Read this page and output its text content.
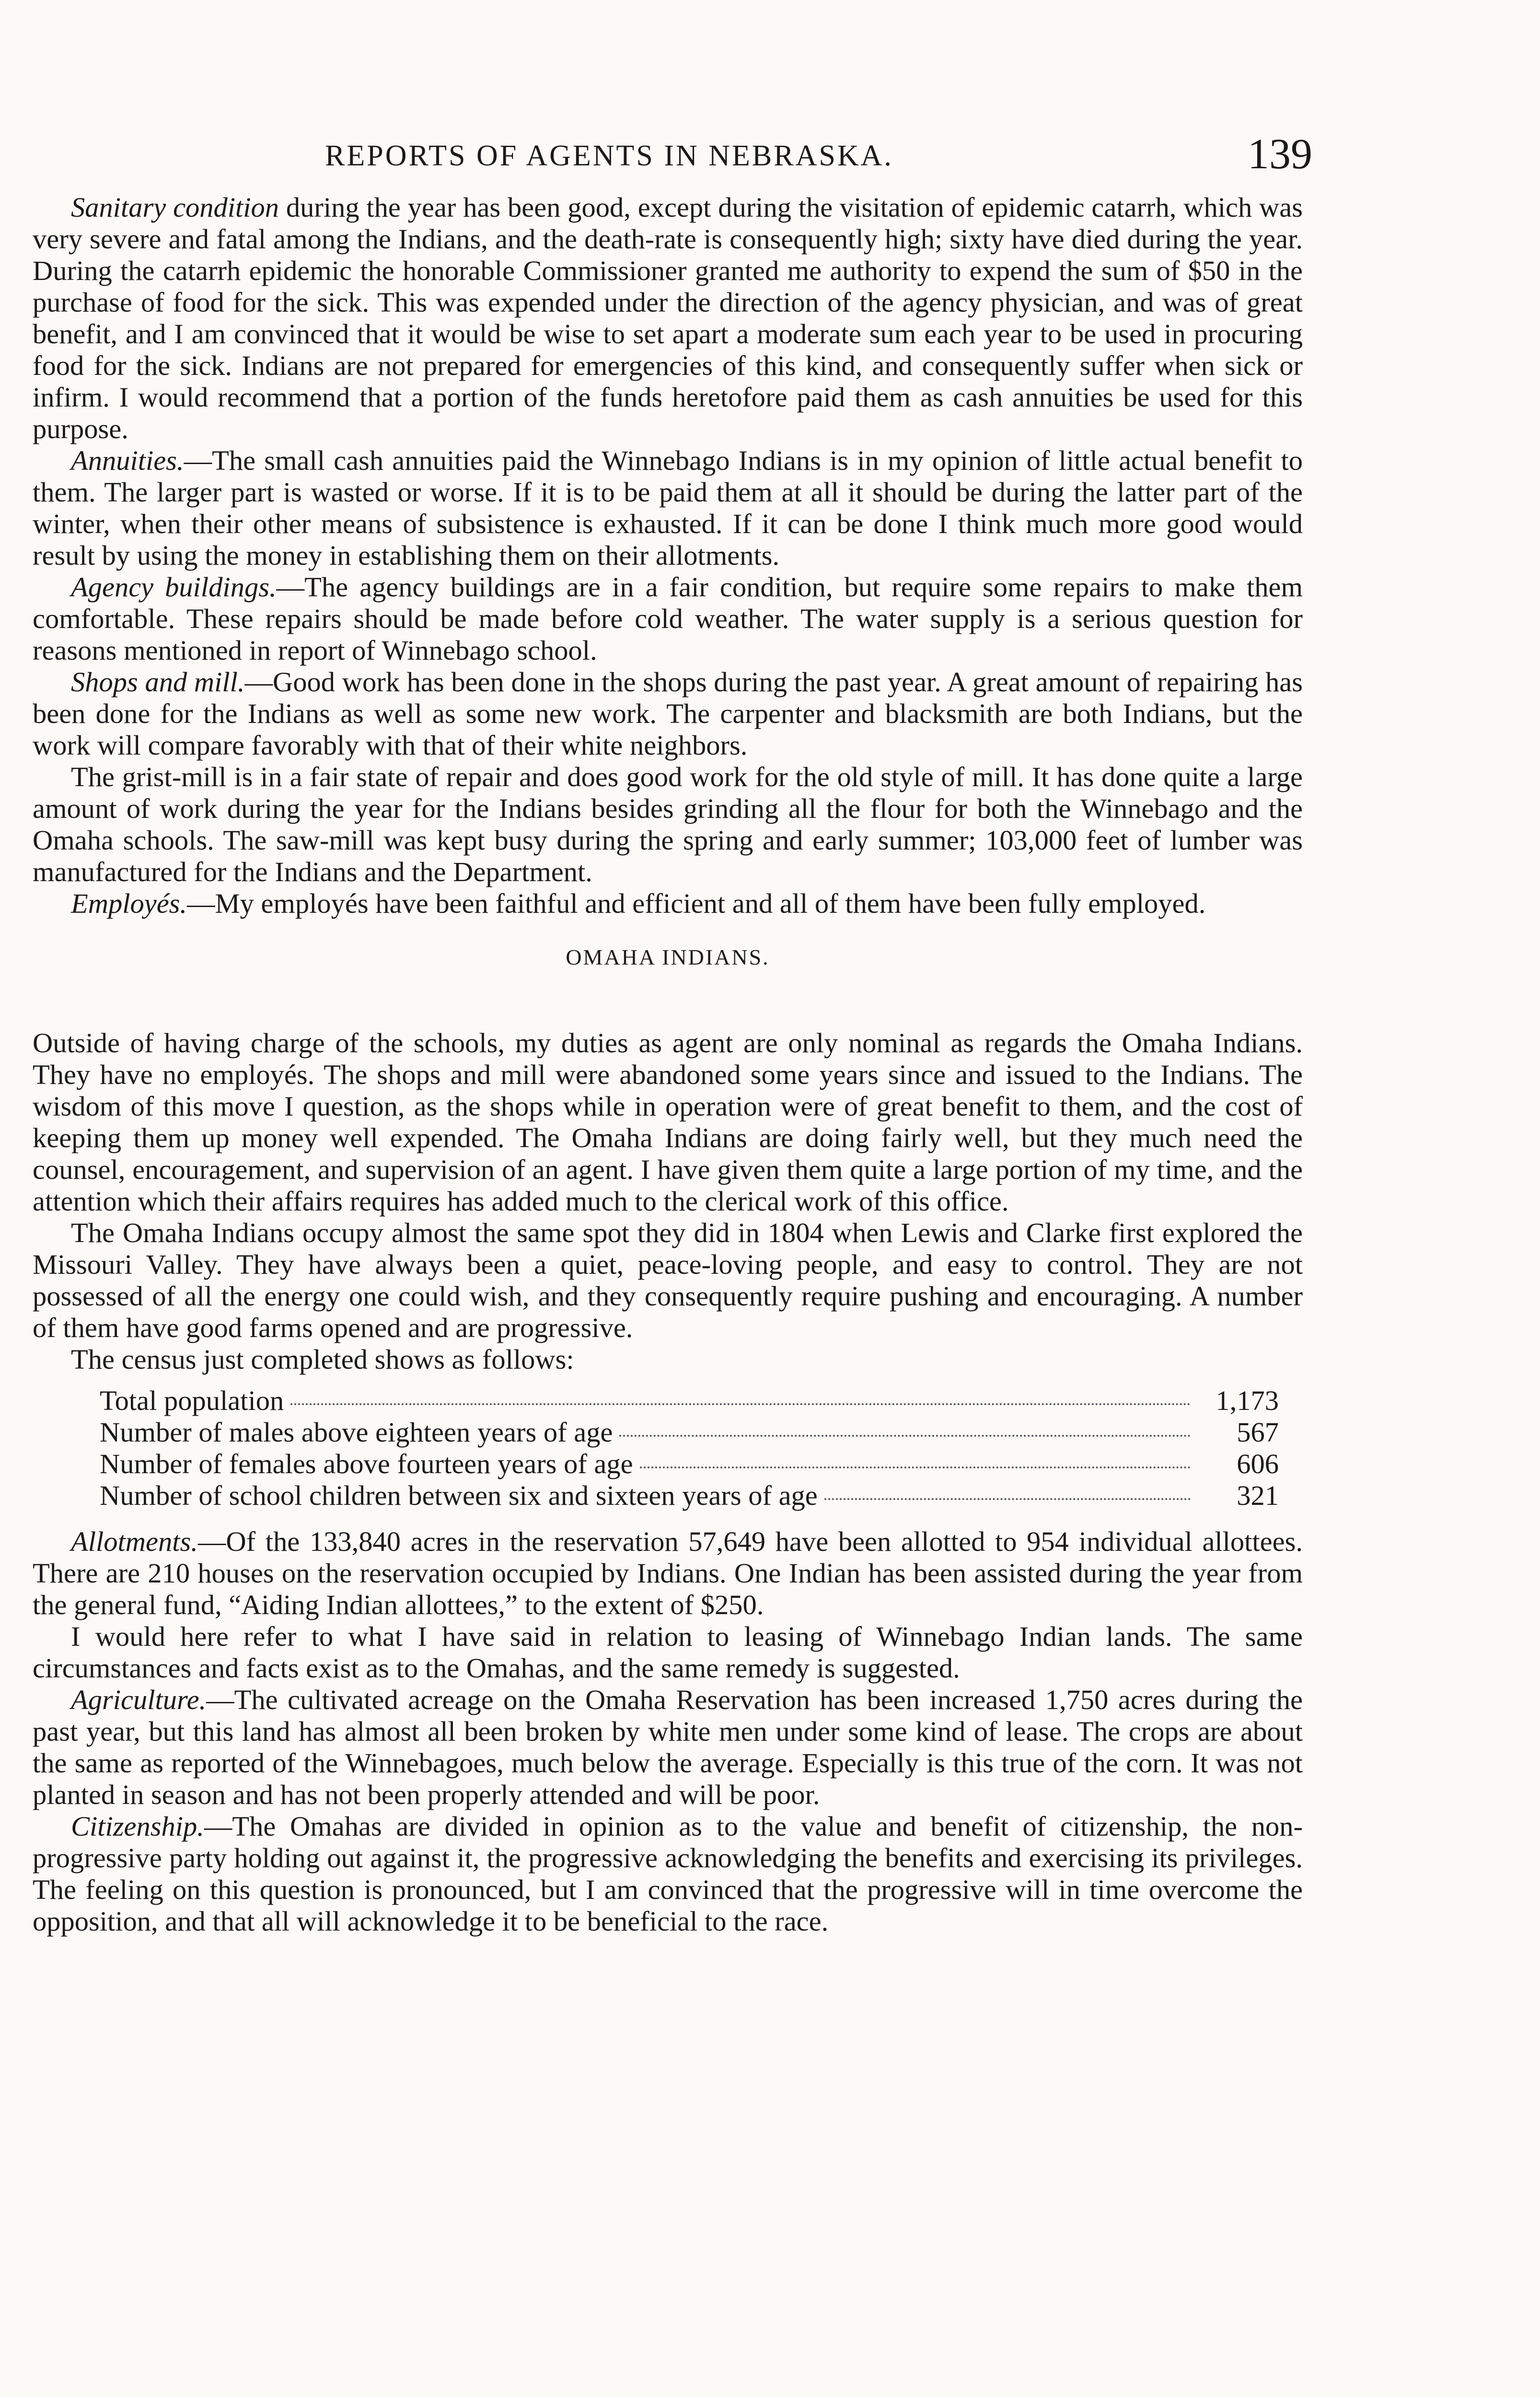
REPORTS OF AGENTS IN NEBRASKA.	139

Sanitary condition during the year has been good, except during the visitation of epidemic catarrh, which was very severe and fatal among the Indians, and the death-rate is consequently high; sixty have died during the year. During the catarrh epidemic the honorable Commissioner granted me authority to expend the sum of $50 in the purchase of food for the sick. This was expended under the direction of the agency physician, and was of great benefit, and I am convinced that it would be wise to set apart a moderate sum each year to be used in procuring food for the sick. Indians are not prepared for emergencies of this kind, and consequently suffer when sick or infirm. I would recommend that a portion of the funds heretofore paid them as cash annuities be used for this purpose.

Annuities.—The small cash annuities paid the Winnebago Indians is in my opinion of little actual benefit to them. The larger part is wasted or worse. If it is to be paid them at all it should be during the latter part of the winter, when their other means of subsistence is exhausted. If it can be done I think much more good would result by using the money in establishing them on their allotments.

Agency buildings.—The agency buildings are in a fair condition, but require some repairs to make them comfortable. These repairs should be made before cold weather. The water supply is a serious question for reasons mentioned in report of Winnebago school.

Shops and mill.—Good work has been done in the shops during the past year. A great amount of repairing has been done for the Indians as well as some new work. The carpenter and blacksmith are both Indians, but the work will compare favorably with that of their white neighbors.

The grist-mill is in a fair state of repair and does good work for the old style of mill. It has done quite a large amount of work during the year for the Indians besides grinding all the flour for both the Winnebago and the Omaha schools. The saw-mill was kept busy during the spring and early summer; 103,000 feet of lumber was manufactured for the Indians and the Department.

Employés.—My employés have been faithful and efficient and all of them have been fully employed.

OMAHA INDIANS.

Outside of having charge of the schools, my duties as agent are only nominal as regards the Omaha Indians. They have no employés. The shops and mill were abandoned some years since and issued to the Indians. The wisdom of this move I question, as the shops while in operation were of great benefit to them, and the cost of keeping them up money well expended. The Omaha Indians are doing fairly well, but they much need the counsel, encouragement, and supervision of an agent. I have given them quite a large portion of my time, and the attention which their affairs requires has added much to the clerical work of this office.

The Omaha Indians occupy almost the same spot they did in 1804 when Lewis and Clarke first explored the Missouri Valley. They have always been a quiet, peace-loving people, and easy to control. They are not possessed of all the energy one could wish, and they consequently require pushing and encouraging. A number of them have good farms opened and are progressive.

The census just completed shows as follows:

Total population	1,173
Number of males above eighteen years of age	567
Number of females above fourteen years of age	606
Number of school children between six and sixteen years of age	321

Allotments.—Of the 133,840 acres in the reservation 57,649 have been allotted to 954 individual allottees. There are 210 houses on the reservation occupied by Indians. One Indian has been assisted during the year from the general fund, “Aiding Indian allottees,” to the extent of $250.

I would here refer to what I have said in relation to leasing of Winnebago Indian lands. The same circumstances and facts exist as to the Omahas, and the same remedy is suggested.

Agriculture.—The cultivated acreage on the Omaha Reservation has been increased 1,750 acres during the past year, but this land has almost all been broken by white men under some kind of lease. The crops are about the same as reported of the Winnebagoes, much below the average. Especially is this true of the corn. It was not planted in season and has not been properly attended and will be poor.

Citizenship.—The Omahas are divided in opinion as to the value and benefit of citizenship, the non-progressive party holding out against it, the progressive acknowledging the benefits and exercising its privileges. The feeling on this question is pronounced, but I am convinced that the progressive will in time overcome the opposition, and that all will acknowledge it to be beneficial to the race.
